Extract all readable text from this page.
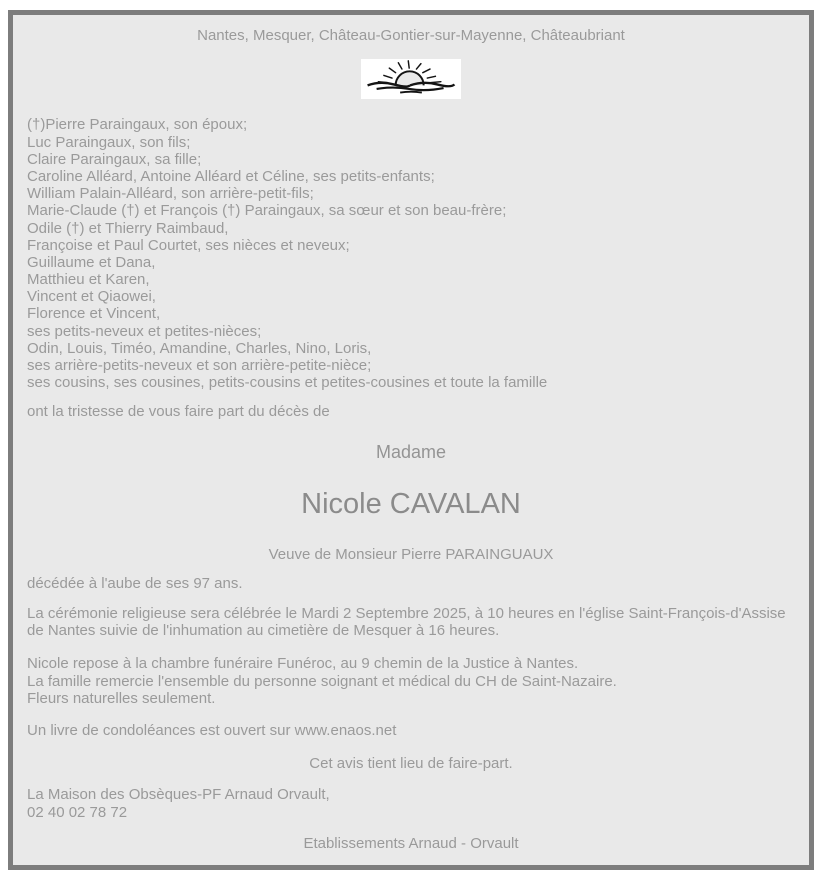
Nantes, Mesquer, Château-Gontier-sur-Mayenne, Châteaubriant
(†)Pierre Paraingaux, son époux;
Luc Paraingaux, son fils;
Claire Paraingaux, sa fille;
Caroline Alléard, Antoine Alléard et Céline, ses petits-enfants;
William Palain-Alléard, son arrière-petit-fils;
Marie-Claude (†) et François (†) Paraingaux, sa sœur et son beau-frère;
Odile (†) et Thierry Raimbaud,
Françoise et Paul Courtet, ses nièces et neveux;
Guillaume et Dana,
Matthieu et Karen,
Vincent et Qiaowei,
Florence et Vincent,
ses petits-neveux et petites-nièces;
Odin, Louis, Timéo, Amandine, Charles, Nino, Loris,
ses arrière-petits-neveux et son arrière-petite-nièce;
ses cousins, ses cousines, petits-cousins et petites-cousines et toute la famille
ont la tristesse de vous faire part du décès de
Madame
Nicole CAVALAN
Veuve de Monsieur Pierre PARAINGUAUX
décédée à l'aube de ses 97 ans.
La cérémonie religieuse sera célébrée le Mardi 2 Septembre 2025, à 10 heures en l'église Saint-François-d'Assise de Nantes suivie de l'inhumation au cimetière de Mesquer à 16 heures.
Nicole repose à la chambre funéraire Funéroc, au 9 chemin de la Justice à Nantes.
La famille remercie l'ensemble du personne soignant et médical du CH de Saint-Nazaire.
Fleurs naturelles seulement.
Un livre de condoléances est ouvert sur www.enaos.net
Cet avis tient lieu de faire-part.
La Maison des Obsèques-PF Arnaud Orvault,
02 40 02 78 72
Etablissements Arnaud - Orvault
